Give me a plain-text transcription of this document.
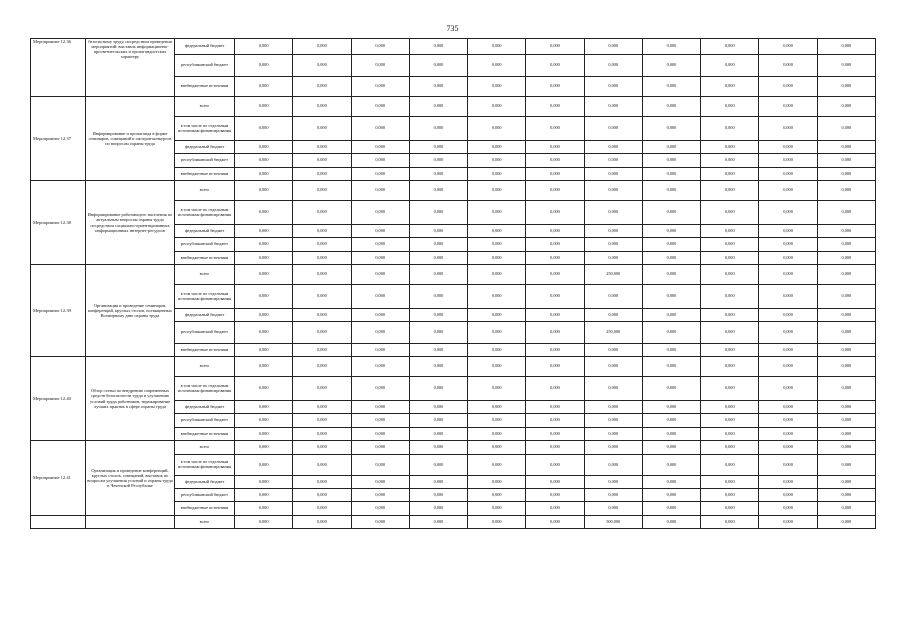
735
Мероприятие 12.36	безопасному труду, посредством проведения мероприятий: выставок информационно-просветительских и пропагандистских характеру	федеральный бюджет	0,000	0,000	0,000	0,000	0,000	0,000	0,000	0,000	0,000	0,000	0,000
		республиканский бюджет	0,000	0,000	0,000	0,000	0,000	0,000	0,000	0,000	0,000	0,000	0,000
		внебюджетные источники	0,000	0,000	0,000	0,000	0,000	0,000	0,000	0,000	0,000	0,000	0,000
Мероприятие 12.37	Информирование и пропаганда в форме семинаров, совещаний и смотров-конкурсов по вопросам охраны труда	всего	0,000	0,000	0,000	0,000	0,000	0,000	0,000	0,000	0,000	0,000	0,000
		в том числе по отдельным источникам финансирования	0,000	0,000	0,000	0,000	0,000	0,000	0,000	0,000	0,000	0,000	0,000
		федеральный бюджет	0,000	0,000	0,000	0,000	0,000	0,000	0,000	0,000	0,000	0,000	0,000
		республиканский бюджет	0,000	0,000	0,000	0,000	0,000	0,000	0,000	0,000	0,000	0,000	0,000
		внебюджетные источники	0,000	0,000	0,000	0,000	0,000	0,000	0,000	0,000	0,000	0,000	0,000
Мероприятие 12.38	Информирование работающего населения по актуальным вопросам охраны труда посредством социально-ориентированных информационных интернет-ресурсов	всего	0,000	0,000	0,000	0,000	0,000	0,000	0,000	0,000	0,000	0,000	0,000
		в том числе по отдельным источникам финансирования	0,000	0,000	0,000	0,000	0,000	0,000	0,000	0,000	0,000	0,000	0,000
		федеральный бюджет	0,000	0,000	0,000	0,000	0,000	0,000	0,000	0,000	0,000	0,000	0,000
		республиканский бюджет	0,000	0,000	0,000	0,000	0,000	0,000	0,000	0,000	0,000	0,000	0,000
		внебюджетные источники	0,000	0,000	0,000	0,000	0,000	0,000	0,000	0,000	0,000	0,000	0,000
Мероприятие 12.39	Организация и проведение семинаров, конференций, круглых столов, посвященных Всемирному дню охраны труда	всего	0,000	0,000	0,000	0,000	0,000	0,000	250,000	0,000	0,000	0,000	0,000
		в том числе по отдельным источникам финансирования	0,000	0,000	0,000	0,000	0,000	0,000	0,000	0,000	0,000	0,000	0,000
		федеральный бюджет	0,000	0,000	0,000	0,000	0,000	0,000	0,000	0,000	0,000	0,000	0,000
		республиканский бюджет	0,000	0,000	0,000	0,000	0,000	0,000	250,000	0,000	0,000	0,000	0,000
		внебюджетные источники	0,000	0,000	0,000	0,000	0,000	0,000	0,000	0,000	0,000	0,000	0,000
Мероприятие 12.40	Обзор статьи по внедрению современных средств безопасности труда и улучшению условий труда работников, тиражирование лучших практик в сфере охраны труда	всего	0,000	0,000	0,000	0,000	0,000	0,000	0,000	0,000	0,000	0,000	0,000
		в том числе по отдельным источникам финансирования	0,000	0,000	0,000	0,000	0,000	0,000	0,000	0,000	0,000	0,000	0,000
		федеральный бюджет	0,000	0,000	0,000	0,000	0,000	0,000	0,000	0,000	0,000	0,000	0,000
		республиканский бюджет	0,000	0,000	0,000	0,000	0,000	0,000	0,000	0,000	0,000	0,000	0,000
		внебюджетные источники	0,000	0,000	0,000	0,000	0,000	0,000	0,000	0,000	0,000	0,000	0,000
Мероприятие 12.41	Организация и проведение конференций, круглых столов, совещаний, выставок по вопросам улучшения условий и охраны труда в Чеченской Республике	всего	0,000	0,000	0,000	0,000	0,000	0,000	0,000	0,000	0,000	0,000	0,000
		в том числе по отдельным источникам финансирования	0,000	0,000	0,000	0,000	0,000	0,000	0,000	0,000	0,000	0,000	0,000
		федеральный бюджет	0,000	0,000	0,000	0,000	0,000	0,000	0,000	0,000	0,000	0,000	0,000
		республиканский бюджет	0,000	0,000	0,000	0,000	0,000	0,000	0,000	0,000	0,000	0,000	0,000
		внебюджетные источники	0,000	0,000	0,000	0,000	0,000	0,000	0,000	0,000	0,000	0,000	0,000
		всего	0,000	0,000	0,000	0,000	0,000	0,000	500,000	0,000	0,000	0,000	0,000
